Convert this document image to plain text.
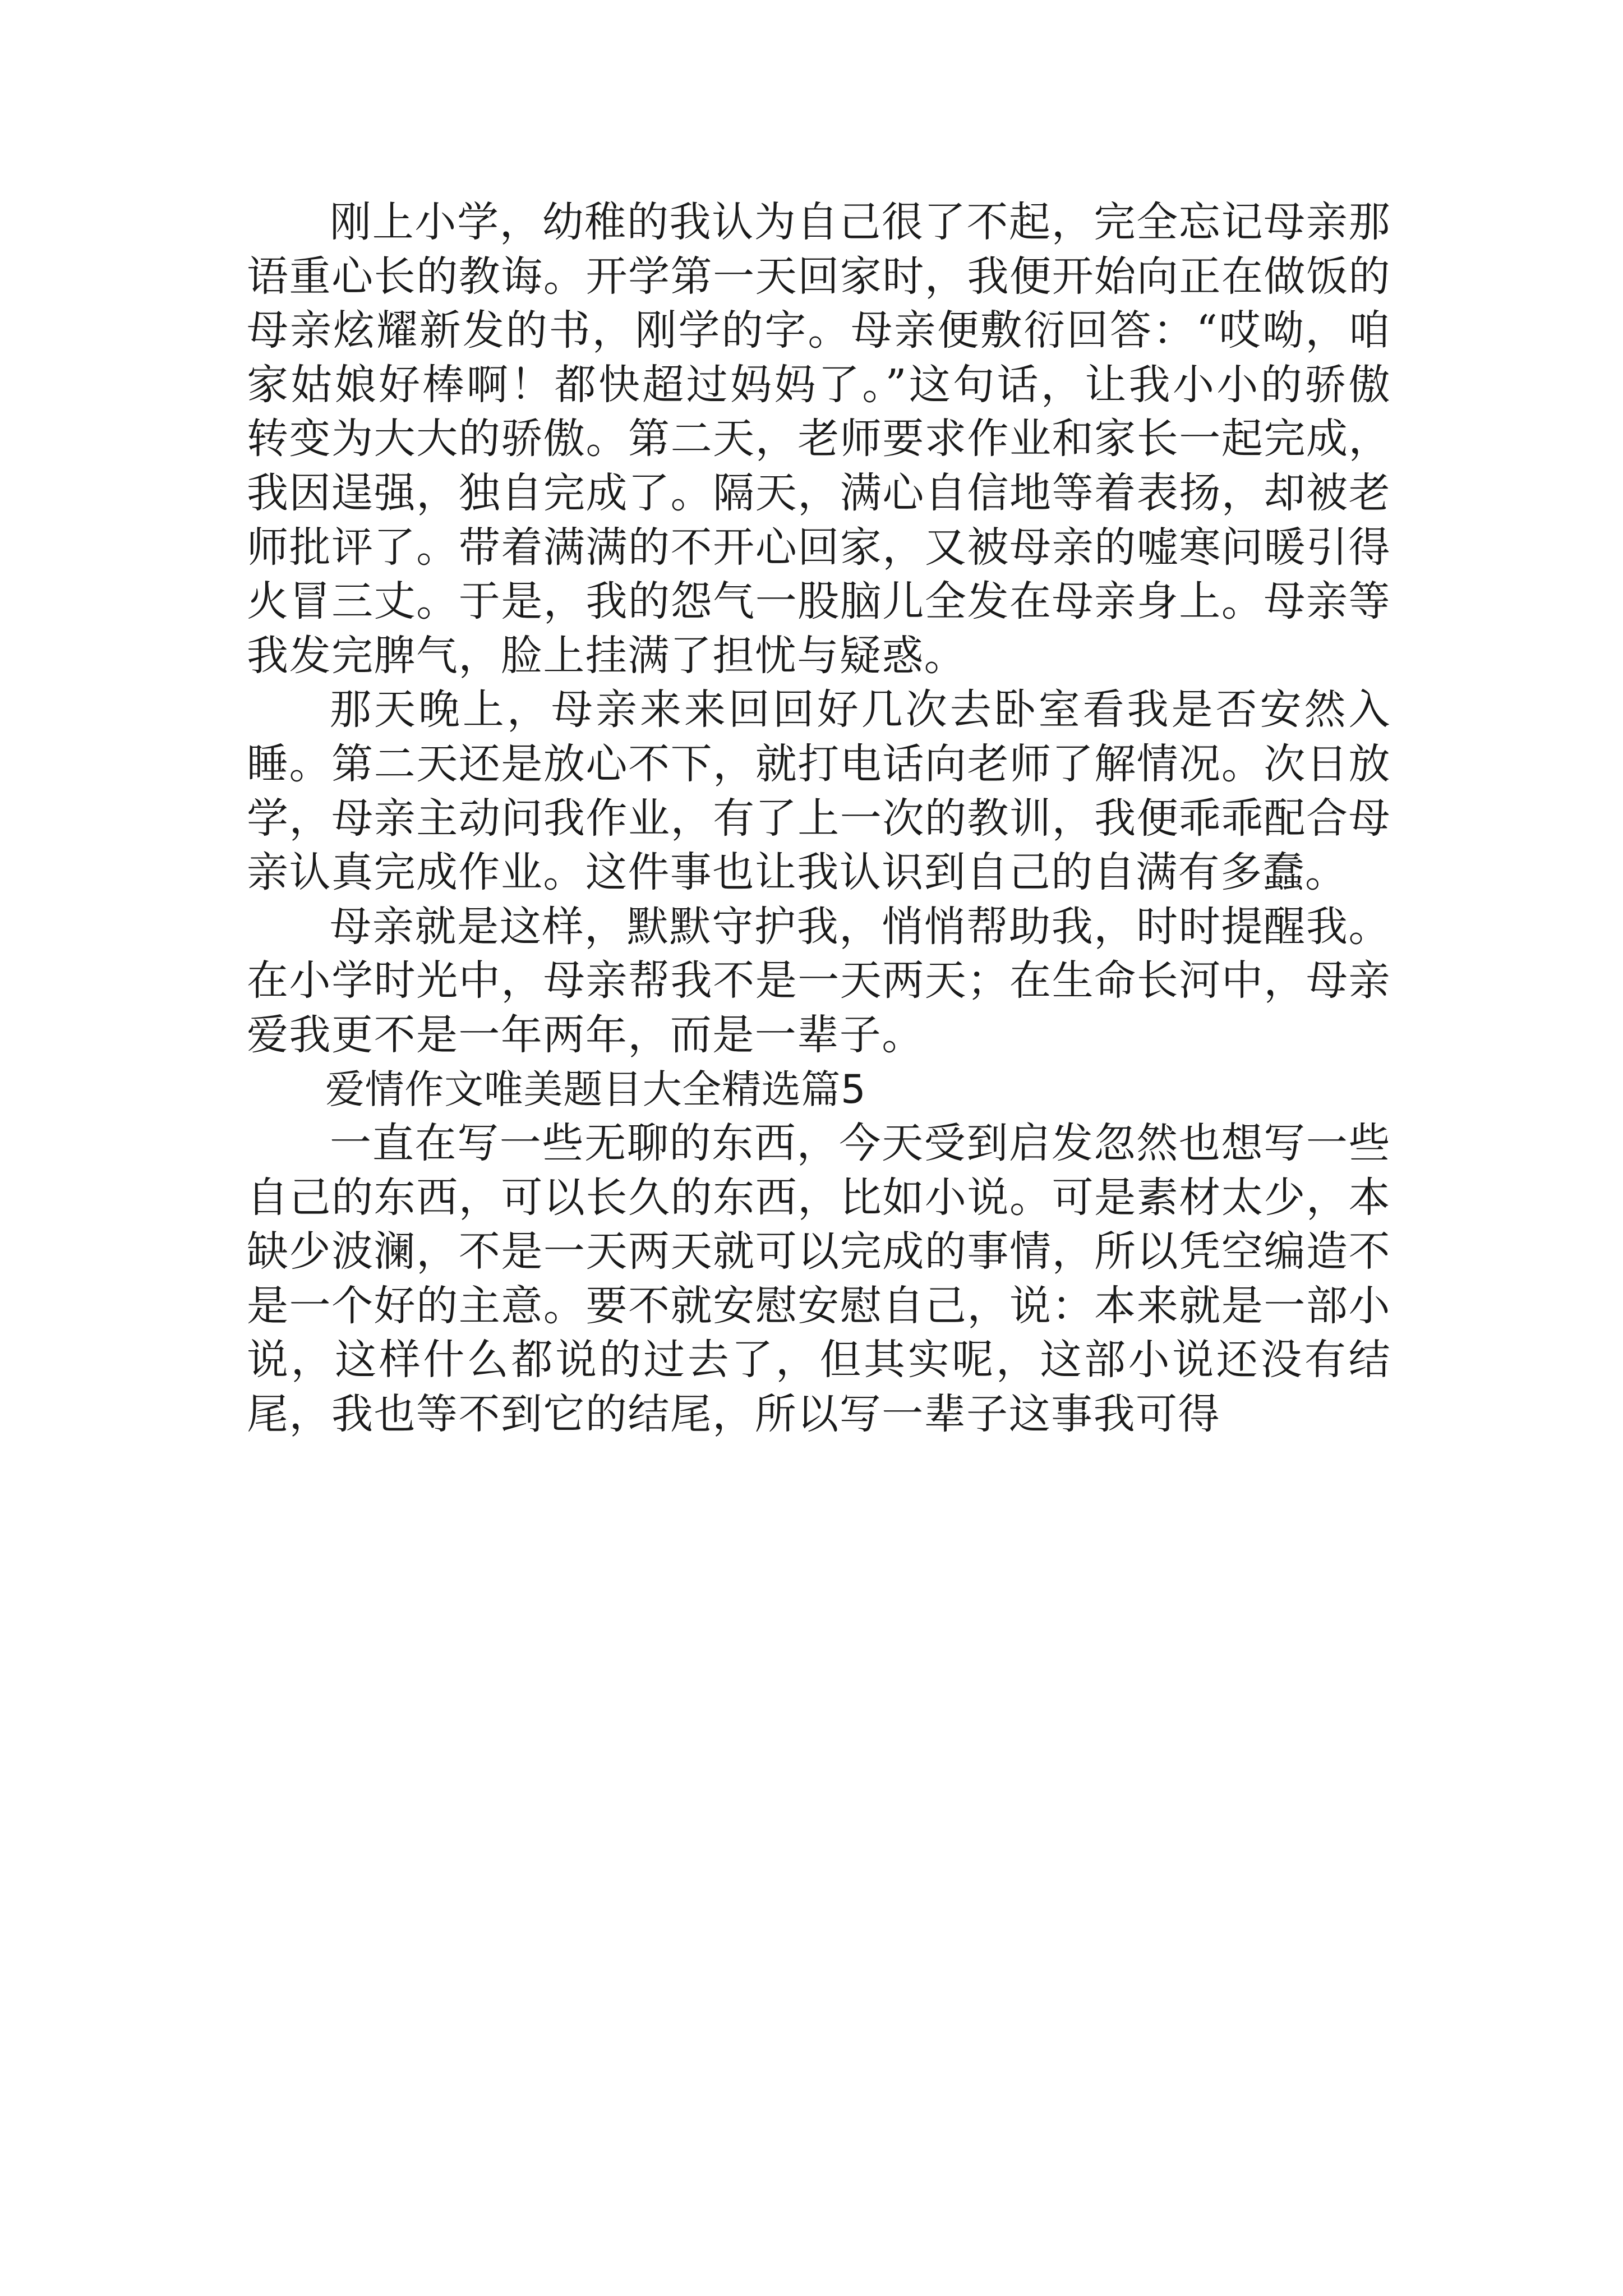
刚上小学，幼稚的我认为自己很了不起，完全忘记母亲那语重心长的教诲。开学第一天回家时，我便开始向正在做饭的母亲炫耀新发的书，刚学的字。母亲便敷衍回答：“哎呦，咱家姑娘好棒啊！都快超过妈妈了。”这句话，让我小小的骄傲转变为大大的骄傲。第二天，老师要求作业和家长一起完成，我因逞强，独自完成了。隔天，满心自信地等着表扬，却被老师批评了。带着满满的不开心回家，又被母亲的嘘寒问暖引得火冒三丈。于是，我的怨气一股脑儿全发在母亲身上。母亲等我发完脾气，脸上挂满了担忧与疑惑。

那天晚上，母亲来来回回好几次去卧室看我是否安然入睡。第二天还是放心不下，就打电话向老师了解情况。次日放学，母亲主动问我作业，有了上一次的教训，我便乖乖配合母亲认真完成作业。这件事也让我认识到自己的自满有多蠢。

母亲就是这样，默默守护我，悄悄帮助我，时时提醒我。在小学时光中，母亲帮我不是一天两天；在生命长河中，母亲爱我更不是一年两年，而是一辈子。

爱情作文唯美题目大全精选篇5

一直在写一些无聊的东西，今天受到启发忽然也想写一些自己的东西，可以长久的东西，比如小说。可是素材太少，本缺少波澜，不是一天两天就可以完成的事情，所以凭空编造不是一个好的主意。要不就安慰安慰自己，说：本来就是一部小说，这样什么都说的过去了，但其实呢，这部小说还没有结尾，我也等不到它的结尾，所以写一辈子这事我可得
